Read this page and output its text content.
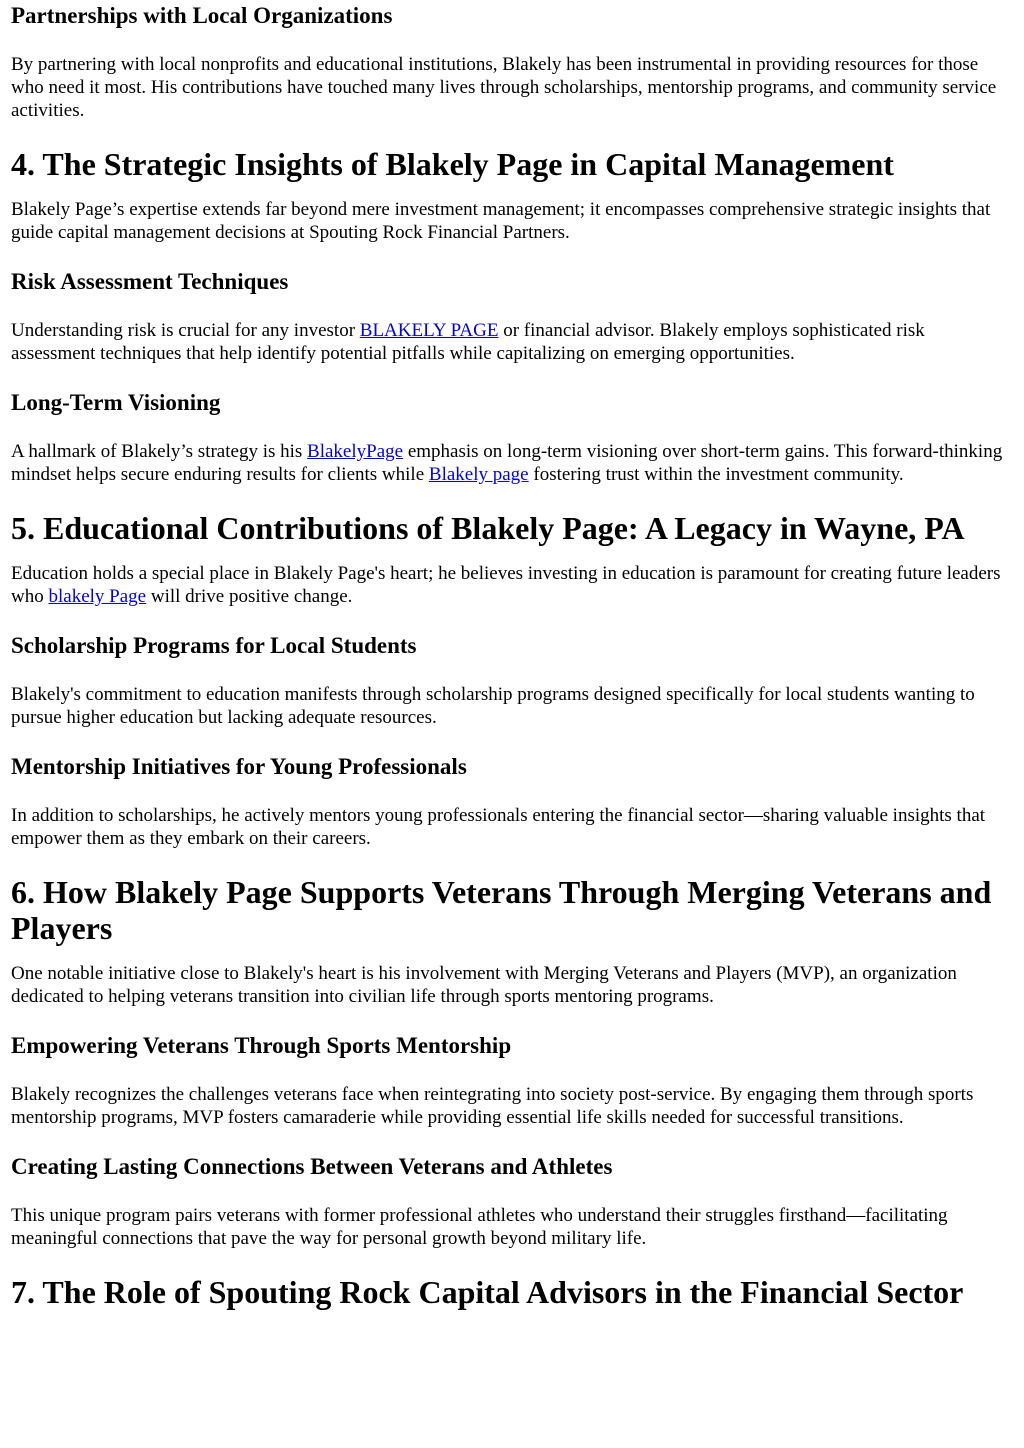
Partnerships with Local Organizations

By partnering with local nonprofits and educational institutions, Blakely has been instrumental in providing resources for those who need it most. His contributions have touched many lives through scholarships, mentorship programs, and community service activities.

4. The Strategic Insights of Blakely Page in Capital Management

Blakely Page’s expertise extends far beyond mere investment management; it encompasses comprehensive strategic insights that guide capital management decisions at Spouting Rock Financial Partners.

Risk Assessment Techniques

Understanding risk is crucial for any investor BLAKELY PAGE or financial advisor. Blakely employs sophisticated risk assessment techniques that help identify potential pitfalls while capitalizing on emerging opportunities.

Long-Term Visioning

A hallmark of Blakely’s strategy is his BlakelyPage emphasis on long-term visioning over short-term gains. This forward-thinking mindset helps secure enduring results for clients while Blakely page fostering trust within the investment community.

5. Educational Contributions of Blakely Page: A Legacy in Wayne, PA

Education holds a special place in Blakely Page's heart; he believes investing in education is paramount for creating future leaders who blakely Page will drive positive change.

Scholarship Programs for Local Students

Blakely's commitment to education manifests through scholarship programs designed specifically for local students wanting to pursue higher education but lacking adequate resources.

Mentorship Initiatives for Young Professionals

In addition to scholarships, he actively mentors young professionals entering the financial sector—sharing valuable insights that empower them as they embark on their careers.

6. How Blakely Page Supports Veterans Through Merging Veterans and Players

One notable initiative close to Blakely's heart is his involvement with Merging Veterans and Players (MVP), an organization dedicated to helping veterans transition into civilian life through sports mentoring programs.

Empowering Veterans Through Sports Mentorship

Blakely recognizes the challenges veterans face when reintegrating into society post-service. By engaging them through sports mentorship programs, MVP fosters camaraderie while providing essential life skills needed for successful transitions.

Creating Lasting Connections Between Veterans and Athletes

This unique program pairs veterans with former professional athletes who understand their struggles firsthand—facilitating meaningful connections that pave the way for personal growth beyond military life.

7. The Role of Spouting Rock Capital Advisors in the Financial Sector
